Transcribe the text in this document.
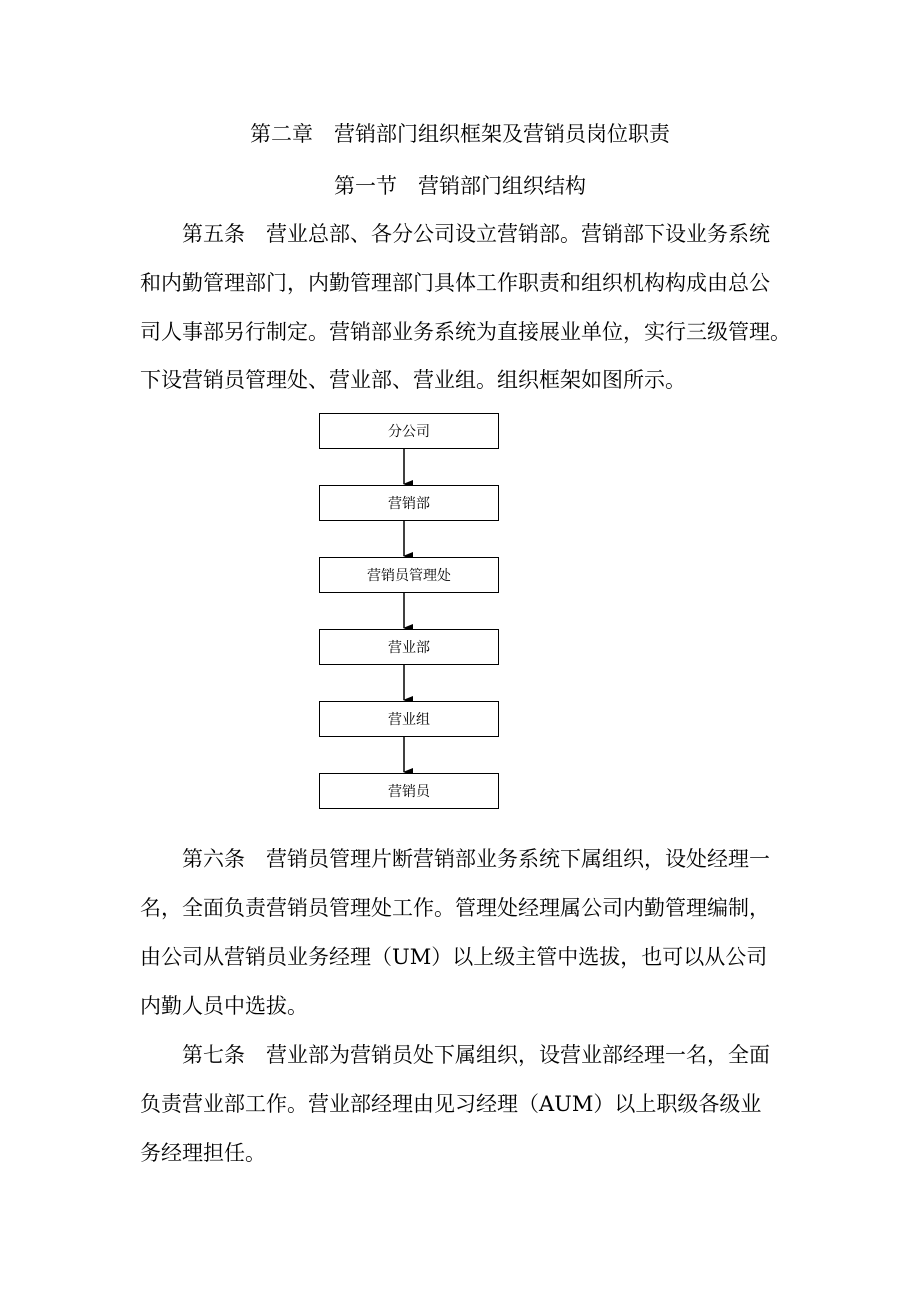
第二章　营销部门组织框架及营销员岗位职责
第一节　营销部门组织结构

第五条　营业总部、各分公司设立营销部。营销部下设业务系统

和内勤管理部门，内勤管理部门具体工作职责和组织机构构成由总公

司人事部另行制定。营销部业务系统为直接展业单位，实行三级管理。

下设营销员管理处、营业部、营业组。组织框架如图所示。

分公司
营销部
营销员管理处
营业部
营业组
营销员

第六条　营销员管理片断营销部业务系统下属组织，设处经理一

名，全面负责营销员管理处工作。管理处经理属公司内勤管理编制，

由公司从营销员业务经理（UM）以上级主管中选拔，也可以从公司

内勤人员中选拔。

第七条　营业部为营销员处下属组织，设营业部经理一名，全面

负责营业部工作。营业部经理由见习经理（AUM）以上职级各级业

务经理担任。
